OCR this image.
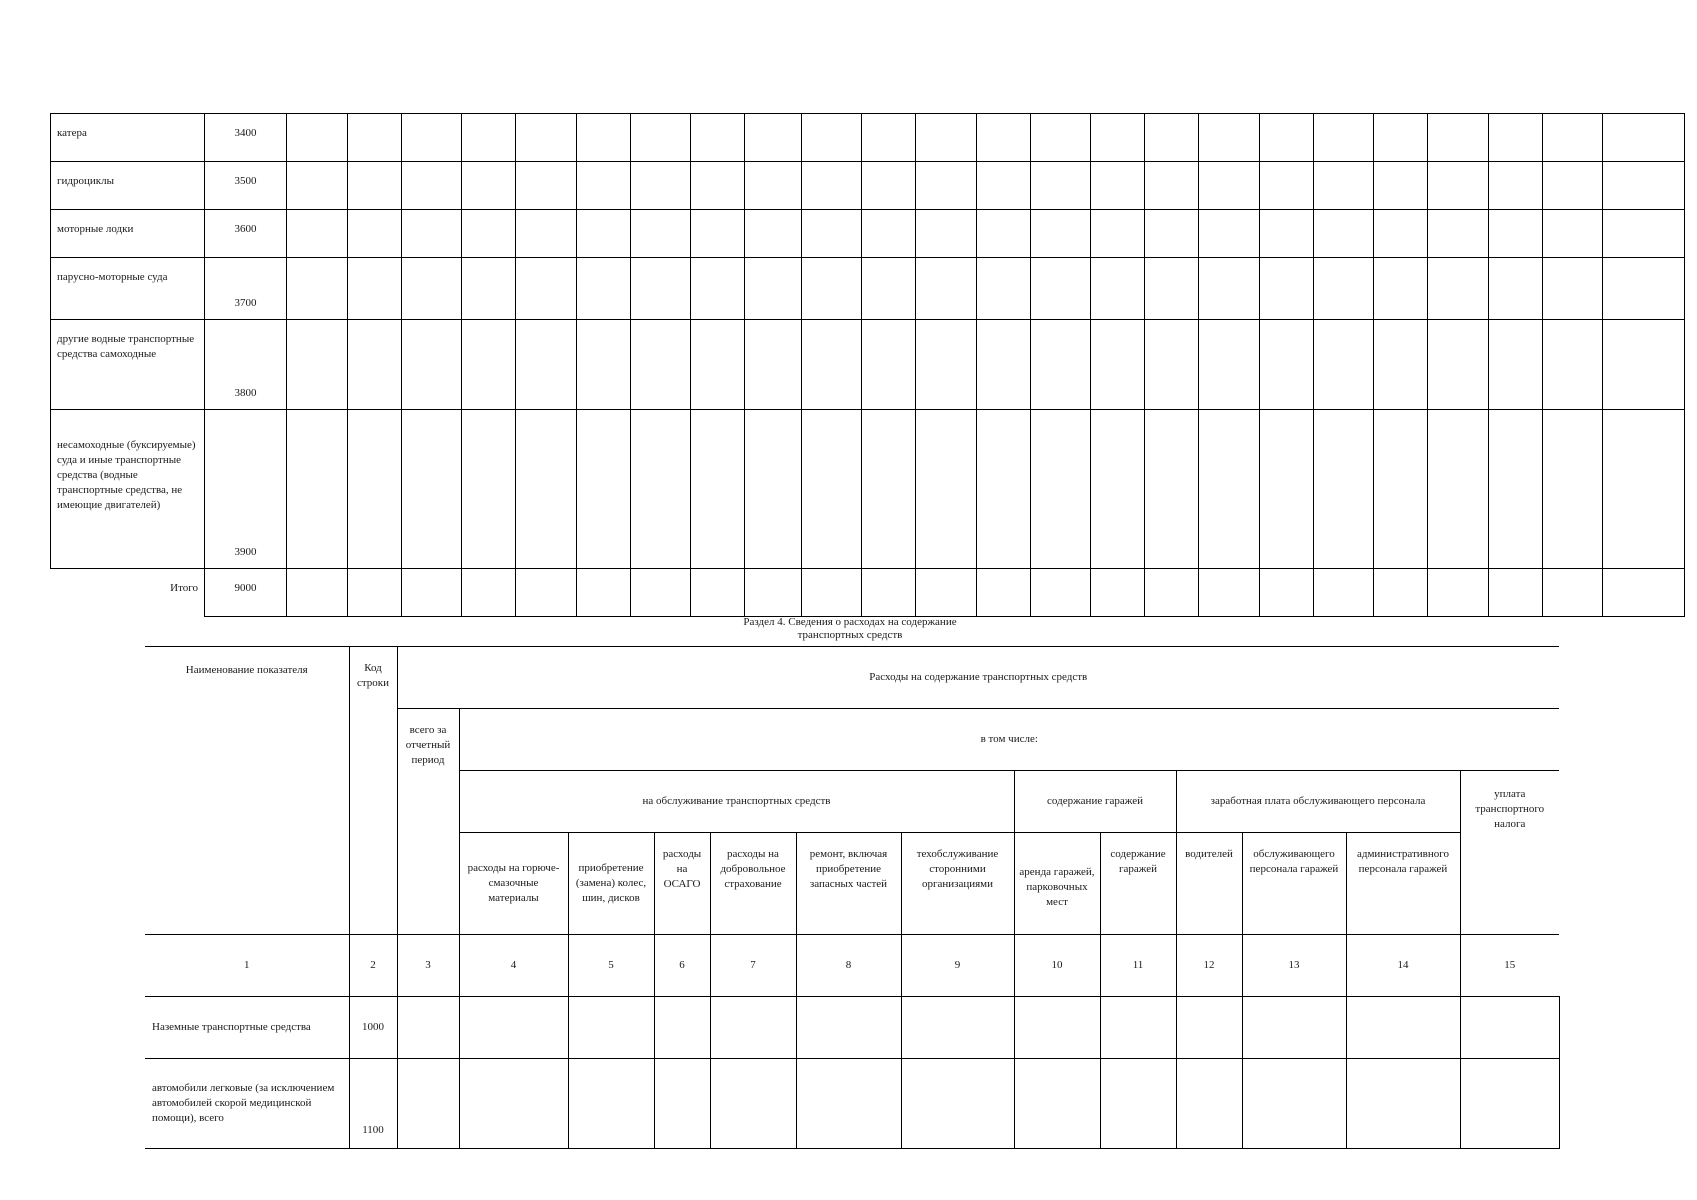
катера	3400																								
гидроциклы	3500																								
моторные лодки	3600																								
парусно-моторные суда	3700																								
другие водные транспортные средства самоходные	3800																								
несамоходные (буксируемые) суда и иные транспортные средства (водные транспортные средства, не имеющие двигателей)	3900																								
Итого	9000																								
Раздел 4. Сведения о расходах на содержание
транспортных средств
Наименование показателя	Код строки	Расходы на содержание транспортных средств												
		всего за отчетный период	в том числе:											
			на обслуживание транспортных средств						содержание гаражей		заработная плата обслуживающего персонала			уплата транспортного налога
			расходы на горюче-смазочные материалы	приобретение (замена) колес, шин, дисков	расходы на ОСАГО	расходы на добровольное страхование	ремонт, включая приобретение запасных частей	техобслуживание сторонними организациями	аренда гаражей, парковочных мест	содержание гаражей	водителей	обслуживающего персонала гаражей	административного персонала гаражей	
1	2	3	4	5	6	7	8	9	10	11	12	13	14	15
Наземные транспортные средства	1000													
автомобили легковые (за исключением автомобилей скорой медицинской помощи), всего	1100													
